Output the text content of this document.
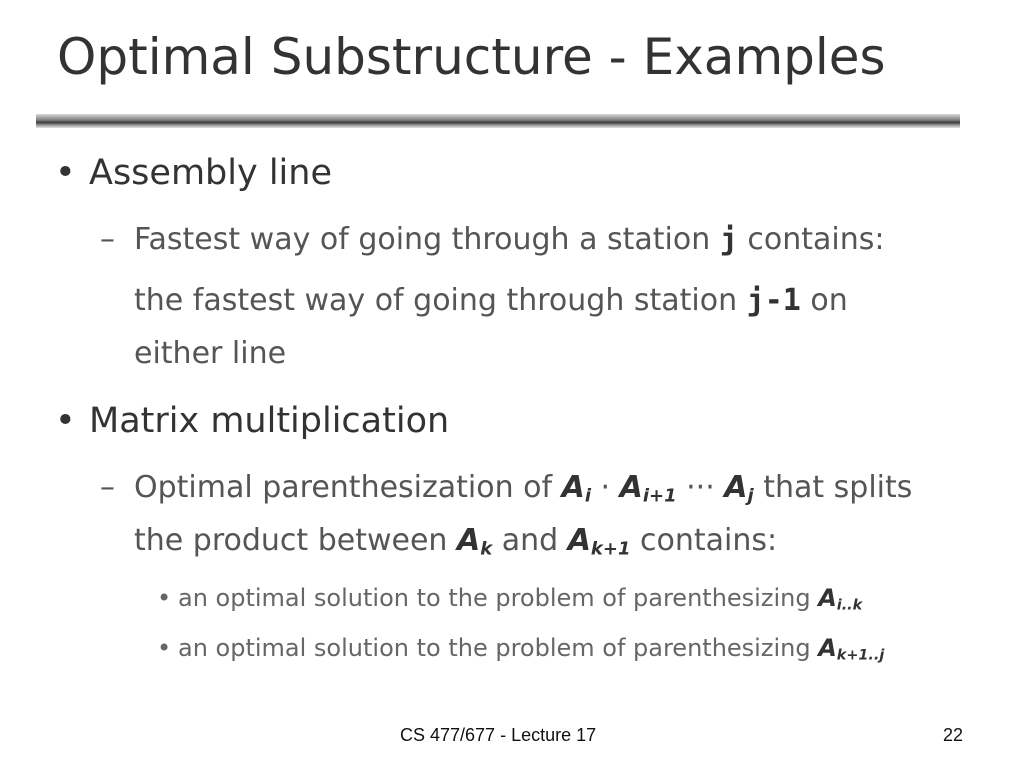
Optimal Substructure - Examples
• Assembly line
– Fastest way of going through a station j contains:
the fastest way of going through station j-1 on
either line
• Matrix multiplication
– Optimal parenthesization of $A_i \cdot A_{i+1}$ ··· $A_j$ that splits
the product between $A_k$ and $A_{k+1}$ contains:
• an optimal solution to the problem of parenthesizing $A_{i..k}$
• an optimal solution to the problem of parenthesizing $A_{k+1..j}$
CS 477/677 - Lecture 17	22
